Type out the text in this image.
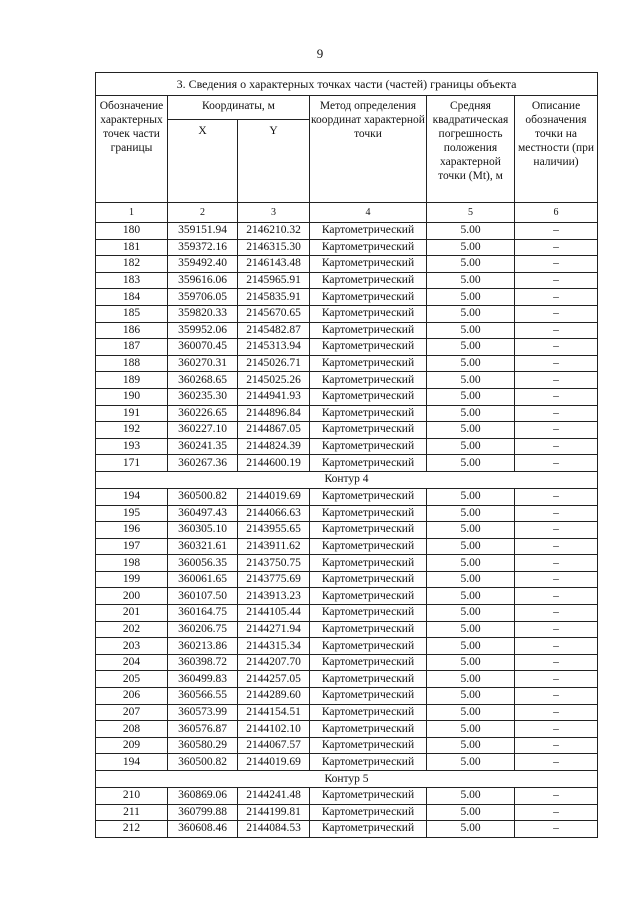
9
3. Сведения о характерных точках части (частей) границы объекта					
Обозначение характерных точек части границы	Координаты, м		Метод определения координат характерной точки	Средняя квадратическая погрешность положения характерной точки (Mt), м	Описание обозначения точки на местности (при наличии)
	X	Y			
1	2	3	4	5	6
180	359151.94	2146210.32	Картометрический	5.00	–
181	359372.16	2146315.30	Картометрический	5.00	–
182	359492.40	2146143.48	Картометрический	5.00	–
183	359616.06	2145965.91	Картометрический	5.00	–
184	359706.05	2145835.91	Картометрический	5.00	–
185	359820.33	2145670.65	Картометрический	5.00	–
186	359952.06	2145482.87	Картометрический	5.00	–
187	360070.45	2145313.94	Картометрический	5.00	–
188	360270.31	2145026.71	Картометрический	5.00	–
189	360268.65	2145025.26	Картометрический	5.00	–
190	360235.30	2144941.93	Картометрический	5.00	–
191	360226.65	2144896.84	Картометрический	5.00	–
192	360227.10	2144867.05	Картометрический	5.00	–
193	360241.35	2144824.39	Картометрический	5.00	–
171	360267.36	2144600.19	Картометрический	5.00	–
Контур 4					
194	360500.82	2144019.69	Картометрический	5.00	–
195	360497.43	2144066.63	Картометрический	5.00	–
196	360305.10	2143955.65	Картометрический	5.00	–
197	360321.61	2143911.62	Картометрический	5.00	–
198	360056.35	2143750.75	Картометрический	5.00	–
199	360061.65	2143775.69	Картометрический	5.00	–
200	360107.50	2143913.23	Картометрический	5.00	–
201	360164.75	2144105.44	Картометрический	5.00	–
202	360206.75	2144271.94	Картометрический	5.00	–
203	360213.86	2144315.34	Картометрический	5.00	–
204	360398.72	2144207.70	Картометрический	5.00	–
205	360499.83	2144257.05	Картометрический	5.00	–
206	360566.55	2144289.60	Картометрический	5.00	–
207	360573.99	2144154.51	Картометрический	5.00	–
208	360576.87	2144102.10	Картометрический	5.00	–
209	360580.29	2144067.57	Картометрический	5.00	–
194	360500.82	2144019.69	Картометрический	5.00	–
Контур 5					
210	360869.06	2144241.48	Картометрический	5.00	–
211	360799.88	2144199.81	Картометрический	5.00	–
212	360608.46	2144084.53	Картометрический	5.00	–
